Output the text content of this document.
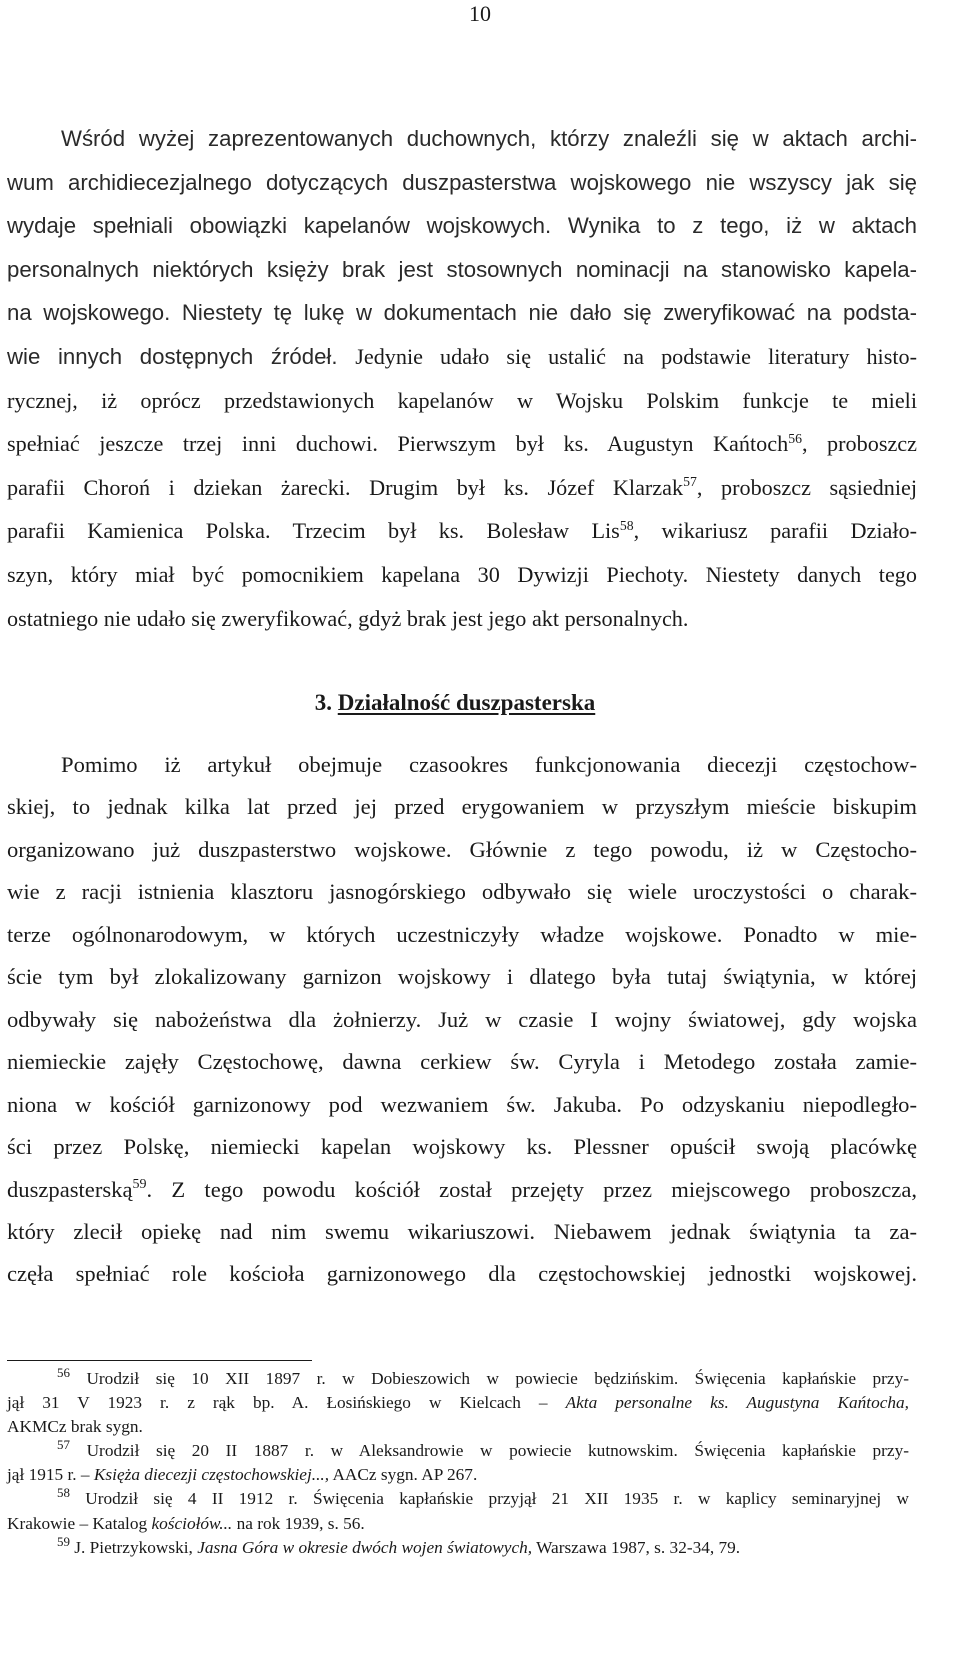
10

Wśród wyżej zaprezentowanych duchownych, którzy znaleźli się w aktach archi-
wum archidiecezjalnego dotyczących duszpasterstwa wojskowego nie wszyscy jak się
wydaje spełniali obowiązki kapelanów wojskowych. Wynika to z tego, iż w aktach
personalnych niektórych księży brak jest stosownych nominacji na stanowisko kapela-
na wojskowego. Niestety tę lukę w dokumentach nie dało się zweryfikować na podsta-
wie innych dostępnych źródeł. Jedynie udało się ustalić na podstawie literatury histo-
rycznej, iż oprócz przedstawionych kapelanów w Wojsku Polskim funkcje te mieli
spełniać jeszcze trzej inni duchowi. Pierwszym był ks. Augustyn Kańtoch$^{56}$, proboszcz
parafii Choroń i dziekan żarecki. Drugim był ks. Józef Klarzak$^{57}$, proboszcz sąsiedniej
parafii Kamienica Polska. Trzecim był ks. Bolesław Lis$^{58}$, wikariusz parafii Działo-
szyn, który miał być pomocnikiem kapelana 30 Dywizji Piechoty. Niestety danych tego
ostatniego nie udało się zweryfikować, gdyż brak jest jego akt personalnych.

3. Działalność duszpasterska

Pomimo iż artykuł obejmuje czasookres funkcjonowania diecezji częstochow-
skiej, to jednak kilka lat przed jej przed erygowaniem w przyszłym mieście biskupim
organizowano już duszpasterstwo wojskowe. Głównie z tego powodu, iż w Częstocho-
wie z racji istnienia klasztoru jasnogórskiego odbywało się wiele uroczystości o charak-
terze ogólnonarodowym, w których uczestniczyły władze wojskowe. Ponadto w mie-
ście tym był zlokalizowany garnizon wojskowy i dlatego była tutaj świątynia, w której
odbywały się nabożeństwa dla żołnierzy. Już w czasie I wojny światowej, gdy wojska
niemieckie zajęły Częstochowę, dawna cerkiew św. Cyryla i Metodego została zamie-
niona w kościół garnizonowy pod wezwaniem św. Jakuba. Po odzyskaniu niepodległo-
ści przez Polskę, niemiecki kapelan wojskowy ks. Plessner opuścił swoją placówkę
duszpasterską$^{59}$. Z tego powodu kościół został przejęty przez miejscowego proboszcza,
który zlecił opiekę nad nim swemu wikariuszowi. Niebawem jednak świątynia ta za-
częła spełniać role kościoła garnizonowego dla częstochowskiej jednostki wojskowej.

$^{56}$ Urodził się 10 XII 1897 r. w Dobieszowich w powiecie będzińskim. Święcenia kapłańskie przy-
jął 31 V 1923 r. z rąk bp. A. Łosińskiego w Kielcach – Akta personalne ks. Augustyna Kańtocha,
AKMCz brak sygn.
$^{57}$ Urodził się 20 II 1887 r. w Aleksandrowie w powiecie kutnowskim. Święcenia kapłańskie przy-
jął 1915 r. – Księża diecezji częstochowskiej..., AACz sygn. AP 267.
$^{58}$ Urodził się 4 II 1912 r. Święcenia kapłańskie przyjął 21 XII 1935 r. w kaplicy seminaryjnej w
Krakowie – Katalog kościołów... na rok 1939, s. 56.
$^{59}$ J. Pietrzykowski, Jasna Góra w okresie dwóch wojen światowych, Warszawa 1987, s. 32-34, 79.
